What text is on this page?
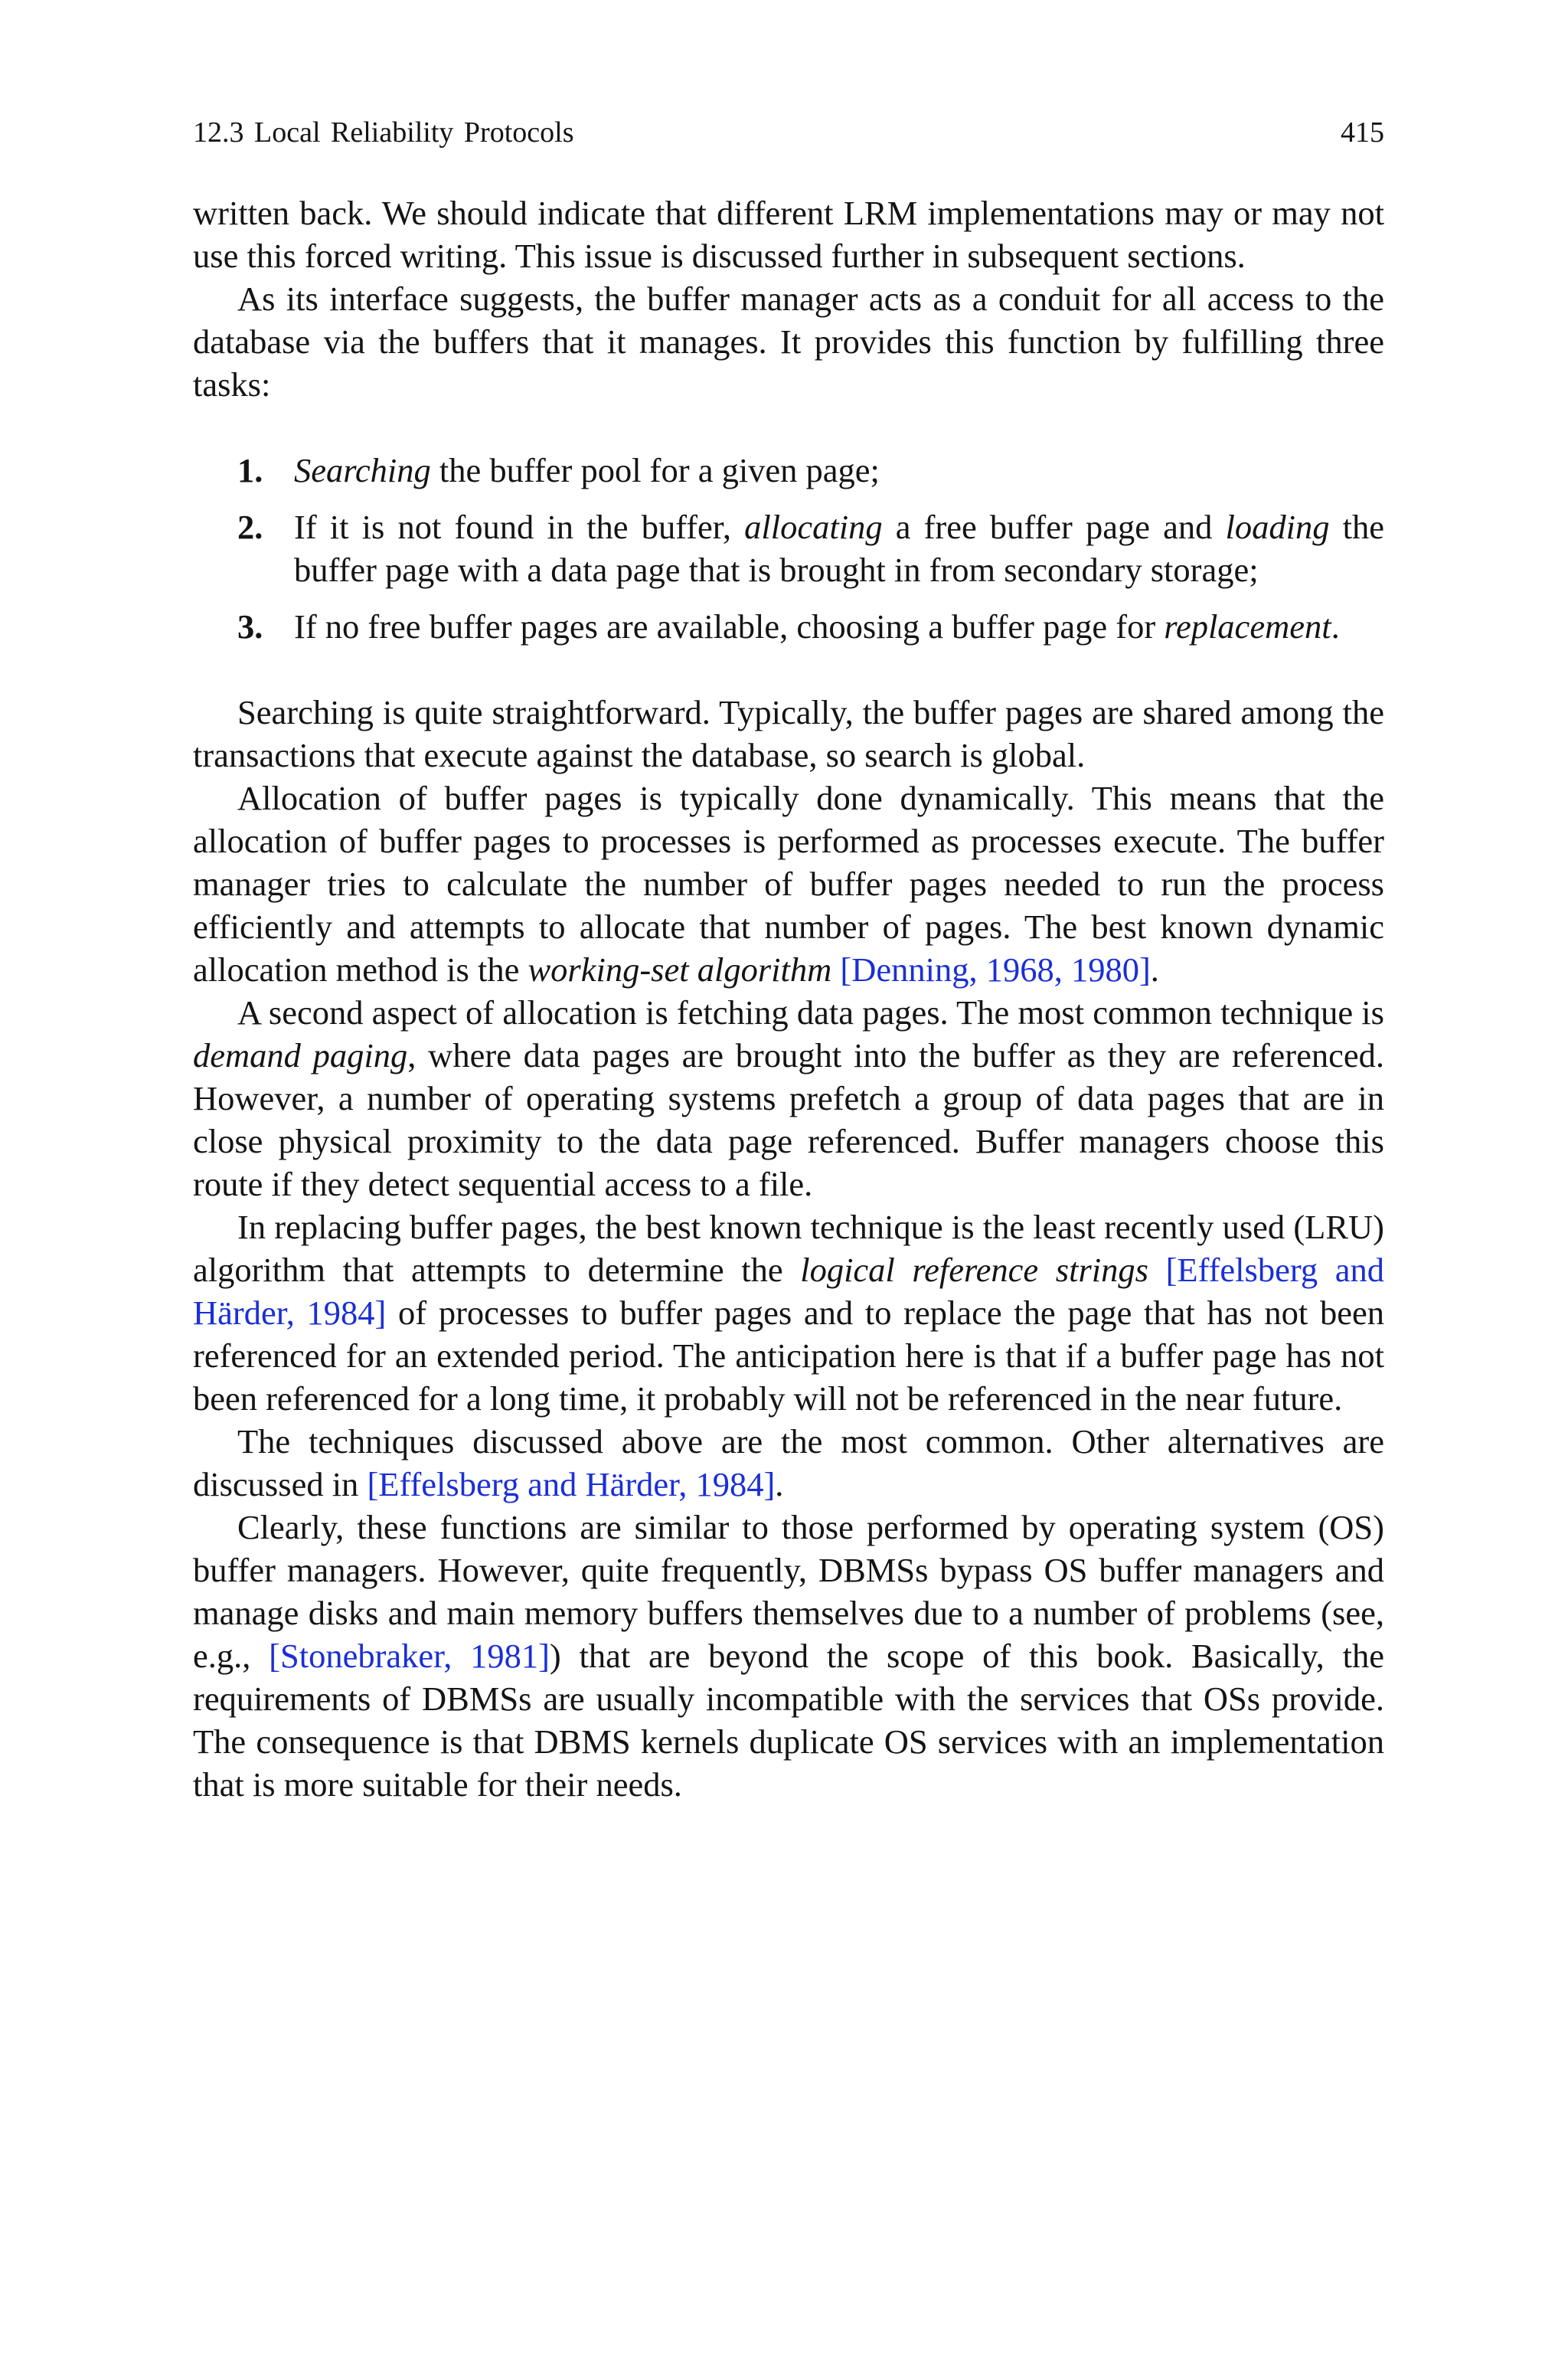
12.3 Local Reliability Protocols	415

written back. We should indicate that different LRM implementations may or may not use this forced writing. This issue is discussed further in subsequent sections.

As its interface suggests, the buffer manager acts as a conduit for all access to the database via the buffers that it manages. It provides this function by fulfilling three tasks:

1. Searching the buffer pool for a given page;
2. If it is not found in the buffer, allocating a free buffer page and loading the buffer page with a data page that is brought in from secondary storage;
3. If no free buffer pages are available, choosing a buffer page for replacement.

Searching is quite straightforward. Typically, the buffer pages are shared among the transactions that execute against the database, so search is global.

Allocation of buffer pages is typically done dynamically. This means that the allocation of buffer pages to processes is performed as processes execute. The buffer manager tries to calculate the number of buffer pages needed to run the process efficiently and attempts to allocate that number of pages. The best known dynamic allocation method is the working-set algorithm [Denning, 1968, 1980].

A second aspect of allocation is fetching data pages. The most common technique is demand paging, where data pages are brought into the buffer as they are referenced. However, a number of operating systems prefetch a group of data pages that are in close physical proximity to the data page referenced. Buffer managers choose this route if they detect sequential access to a file.

In replacing buffer pages, the best known technique is the least recently used (LRU) algorithm that attempts to determine the logical reference strings [Effelsberg and Härder, 1984] of processes to buffer pages and to replace the page that has not been referenced for an extended period. The anticipation here is that if a buffer page has not been referenced for a long time, it probably will not be referenced in the near future.

The techniques discussed above are the most common. Other alternatives are discussed in [Effelsberg and Härder, 1984].

Clearly, these functions are similar to those performed by operating system (OS) buffer managers. However, quite frequently, DBMSs bypass OS buffer managers and manage disks and main memory buffers themselves due to a number of problems (see, e.g., [Stonebraker, 1981]) that are beyond the scope of this book. Basically, the requirements of DBMSs are usually incompatible with the services that OSs provide. The consequence is that DBMS kernels duplicate OS services with an implementation that is more suitable for their needs.
